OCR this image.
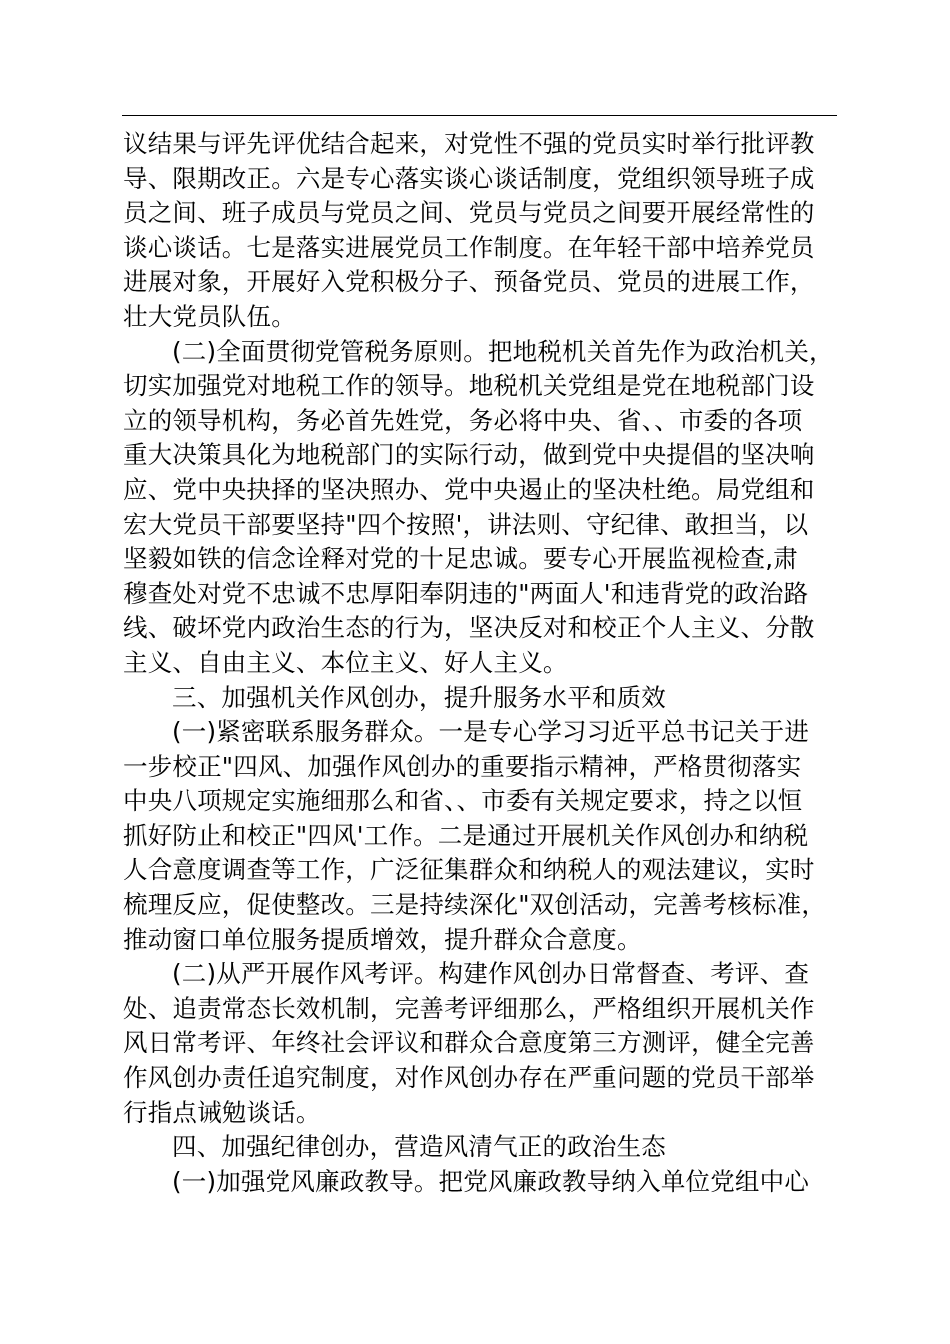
议结果与评先评优结合起来，对党性不强的党员实时举行批评教
导、限期改正。六是专心落实谈心谈话制度，党组织领导班子成
员之间、班子成员与党员之间、党员与党员之间要开展经常性的
谈心谈话。七是落实进展党员工作制度。在年轻干部中培养党员
进展对象，开展好入党积极分子、预备党员、党员的进展工作，
壮大党员队伍。
(二)全面贯彻党管税务原则。把地税机关首先作为政治机关，
切实加强党对地税工作的领导。地税机关党组是党在地税部门设
立的领导机构，务必首先姓党，务必将中央、省、、市委的各项
重大决策具化为地税部门的实际行动，做到党中央提倡的坚决响
应、党中央抉择的坚决照办、党中央遏止的坚决杜绝。局党组和
宏大党员干部要坚持"四个按照'，讲法则、守纪律、敢担当，以
坚毅如铁的信念诠释对党的十足忠诚。要专心开展监视检查,肃
穆查处对党不忠诚不忠厚阳奉阴违的"两面人'和违背党的政治路
线、破坏党内政治生态的行为，坚决反对和校正个人主义、分散
主义、自由主义、本位主义、好人主义。
三、加强机关作风创办，提升服务水平和质效
(一)紧密联系服务群众。一是专心学习习近平总书记关于进
一步校正"四风、加强作风创办的重要指示精神，严格贯彻落实
中央八项规定实施细那么和省、、市委有关规定要求，持之以恒
抓好防止和校正"四风'工作。二是通过开展机关作风创办和纳税
人合意度调查等工作，广泛征集群众和纳税人的观法建议，实时
梳理反应，促使整改。三是持续深化"双创活动，完善考核标准，
推动窗口单位服务提质增效，提升群众合意度。
(二)从严开展作风考评。构建作风创办日常督查、考评、查
处、追责常态长效机制，完善考评细那么，严格组织开展机关作
风日常考评、年终社会评议和群众合意度第三方测评，健全完善
作风创办责任追究制度，对作风创办存在严重问题的党员干部举
行指点诫勉谈话。
四、加强纪律创办，营造风清气正的政治生态
(一)加强党风廉政教导。把党风廉政教导纳入单位党组中心
